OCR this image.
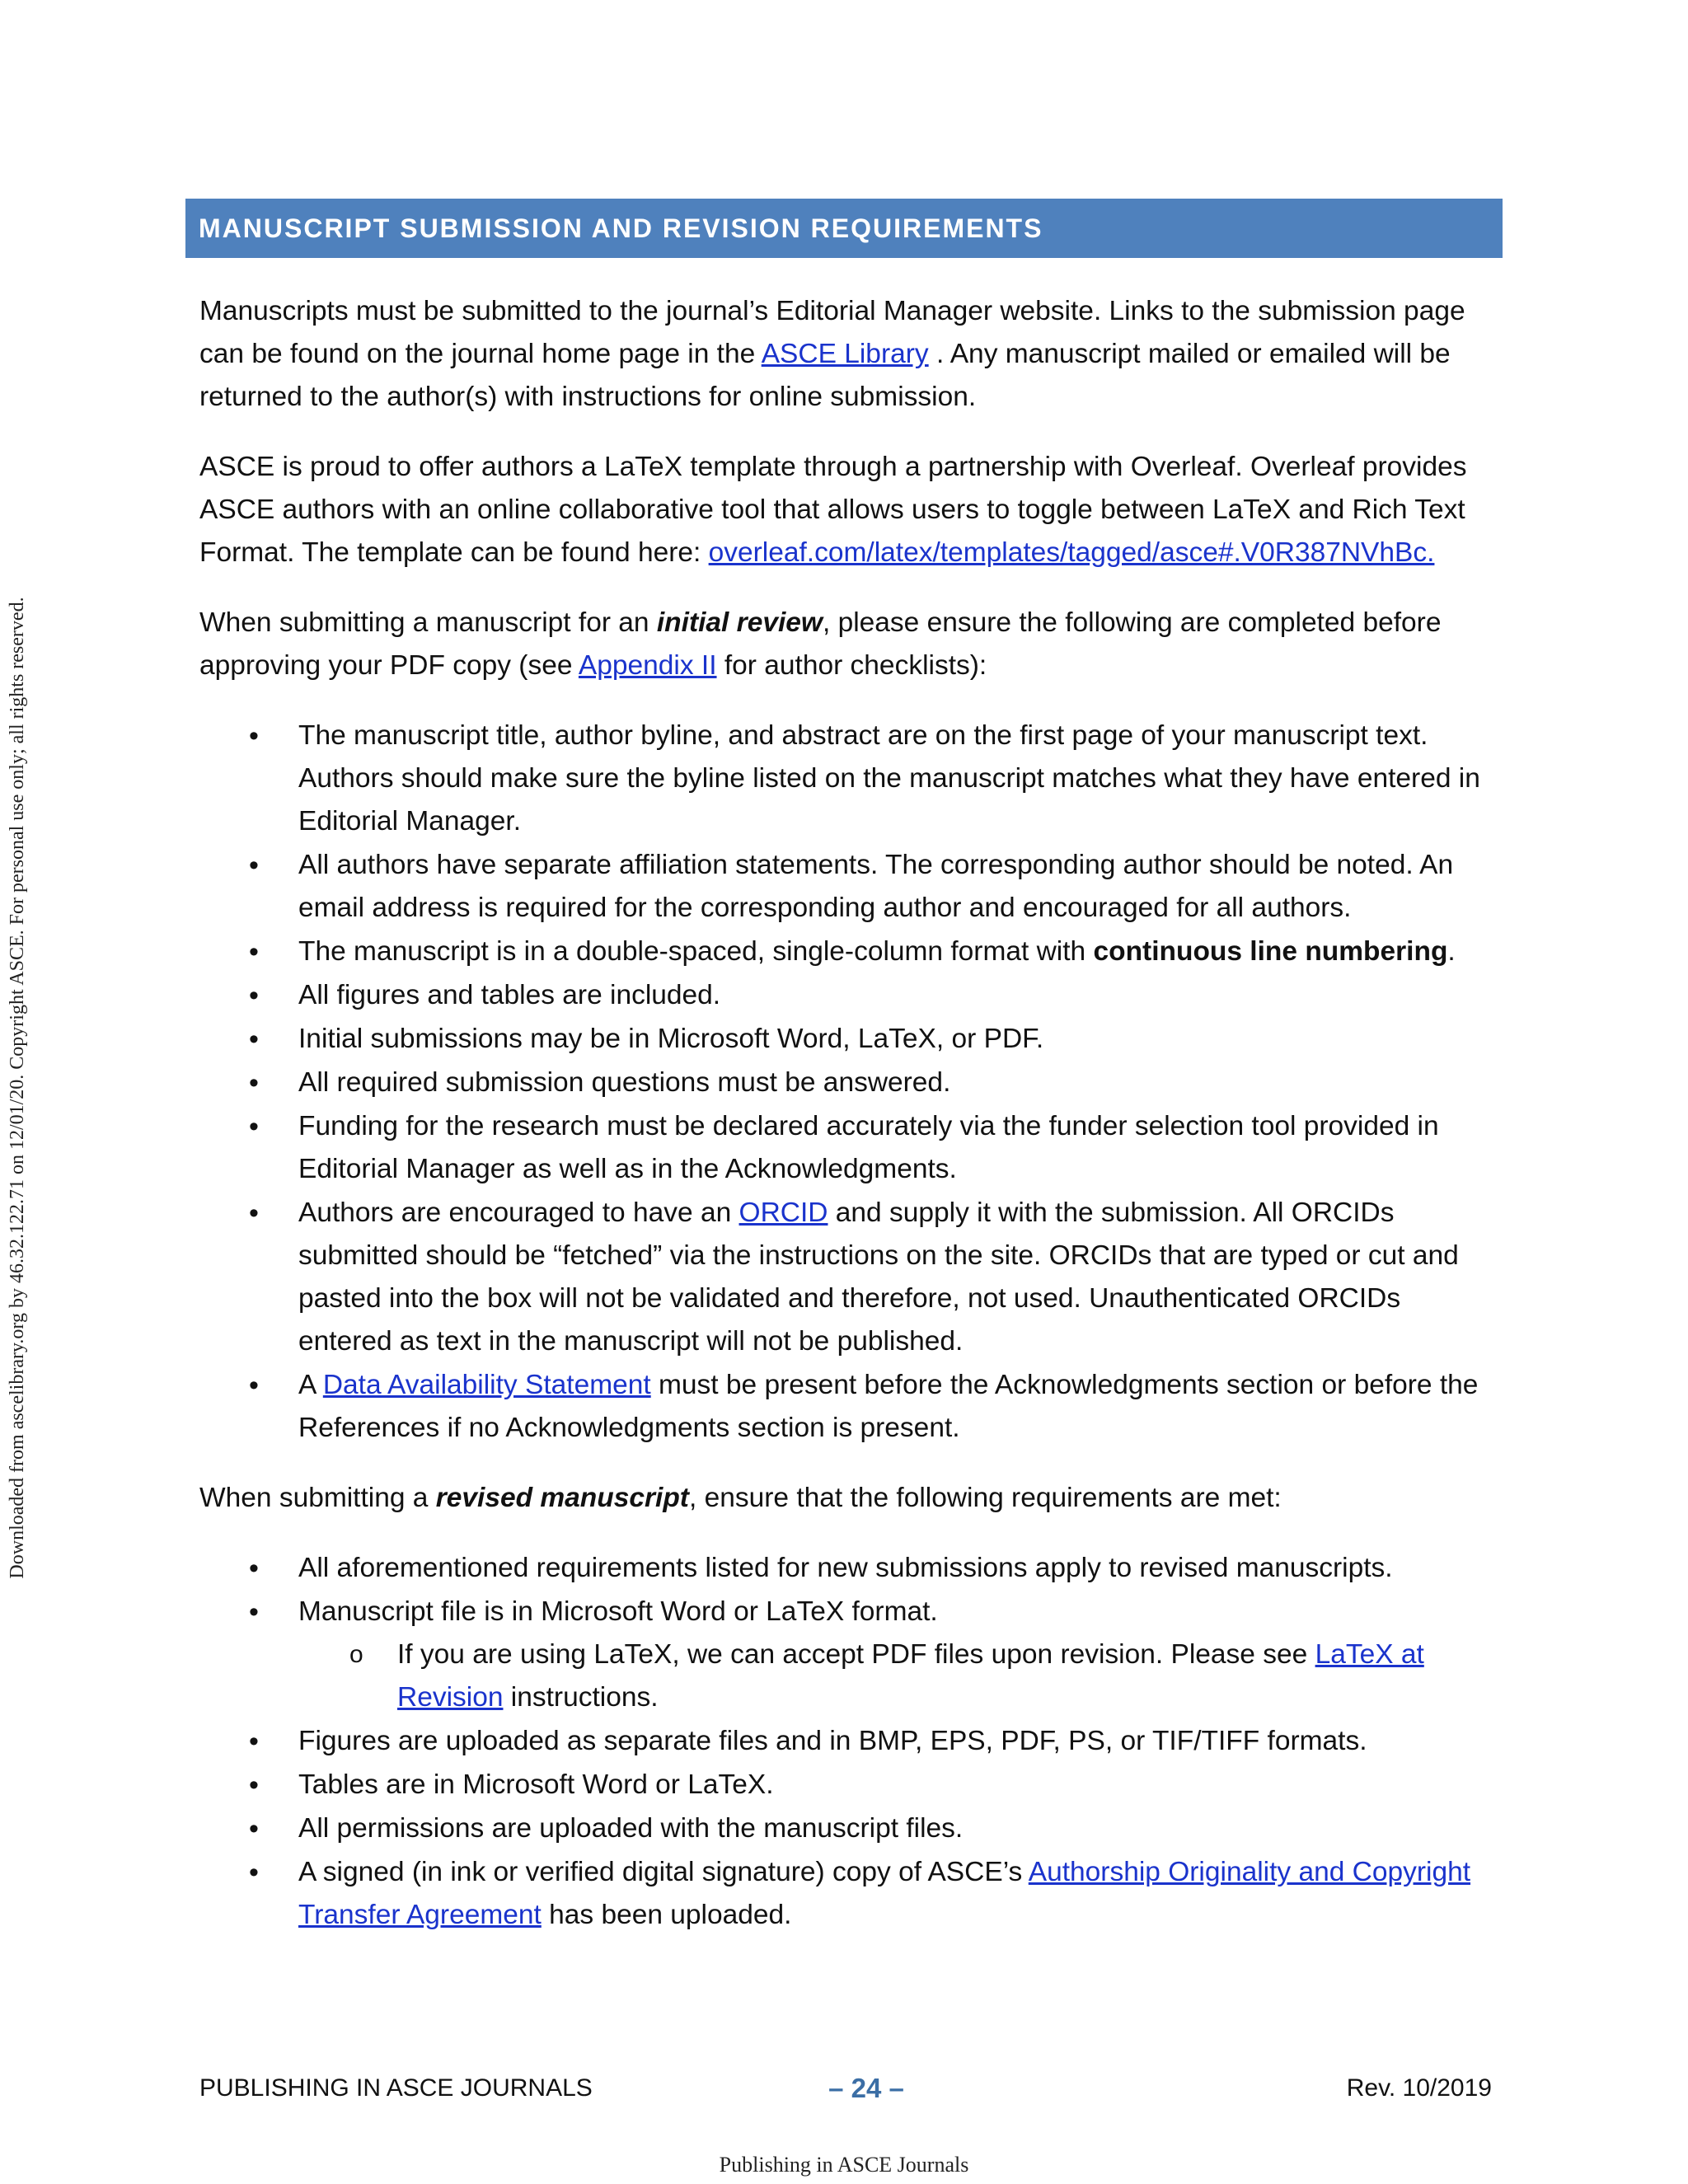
Downloaded from ascelibrary.org by 46.32.122.71 on 12/01/20. Copyright ASCE. For personal use only; all rights reserved.
MANUSCRIPT SUBMISSION AND REVISION REQUIREMENTS

Manuscripts must be submitted to the journal’s Editorial Manager website. Links to the submission page can be found on the journal home page in the ASCE Library . Any manuscript mailed or emailed will be returned to the author(s) with instructions for online submission.

ASCE is proud to offer authors a LaTeX template through a partnership with Overleaf. Overleaf provides ASCE authors with an online collaborative tool that allows users to toggle between LaTeX and Rich Text Format. The template can be found here: overleaf.com/latex/templates/tagged/asce#.V0R387NVhBc.

When submitting a manuscript for an initial review, please ensure the following are completed before approving your PDF copy (see Appendix II for author checklists):

• The manuscript title, author byline, and abstract are on the first page of your manuscript text. Authors should make sure the byline listed on the manuscript matches what they have entered in Editorial Manager.
• All authors have separate affiliation statements. The corresponding author should be noted. An email address is required for the corresponding author and encouraged for all authors.
• The manuscript is in a double-spaced, single-column format with continuous line numbering.
• All figures and tables are included.
• Initial submissions may be in Microsoft Word, LaTeX, or PDF.
• All required submission questions must be answered.
• Funding for the research must be declared accurately via the funder selection tool provided in Editorial Manager as well as in the Acknowledgments.
• Authors are encouraged to have an ORCID and supply it with the submission. All ORCIDs submitted should be “fetched” via the instructions on the site. ORCIDs that are typed or cut and pasted into the box will not be validated and therefore, not used. Unauthenticated ORCIDs entered as text in the manuscript will not be published.
• A Data Availability Statement must be present before the Acknowledgments section or before the References if no Acknowledgments section is present.

When submitting a revised manuscript, ensure that the following requirements are met:

• All aforementioned requirements listed for new submissions apply to revised manuscripts.
• Manuscript file is in Microsoft Word or LaTeX format.
o If you are using LaTeX, we can accept PDF files upon revision. Please see LaTeX at Revision instructions.
• Figures are uploaded as separate files and in BMP, EPS, PDF, PS, or TIF/TIFF formats.
• Tables are in Microsoft Word or LaTeX.
• All permissions are uploaded with the manuscript files.
• A signed (in ink or verified digital signature) copy of ASCE’s Authorship Originality and Copyright Transfer Agreement has been uploaded.
PUBLISHING IN ASCE JOURNALS	– 24 –	Rev. 10/2019
Publishing in ASCE Journals
